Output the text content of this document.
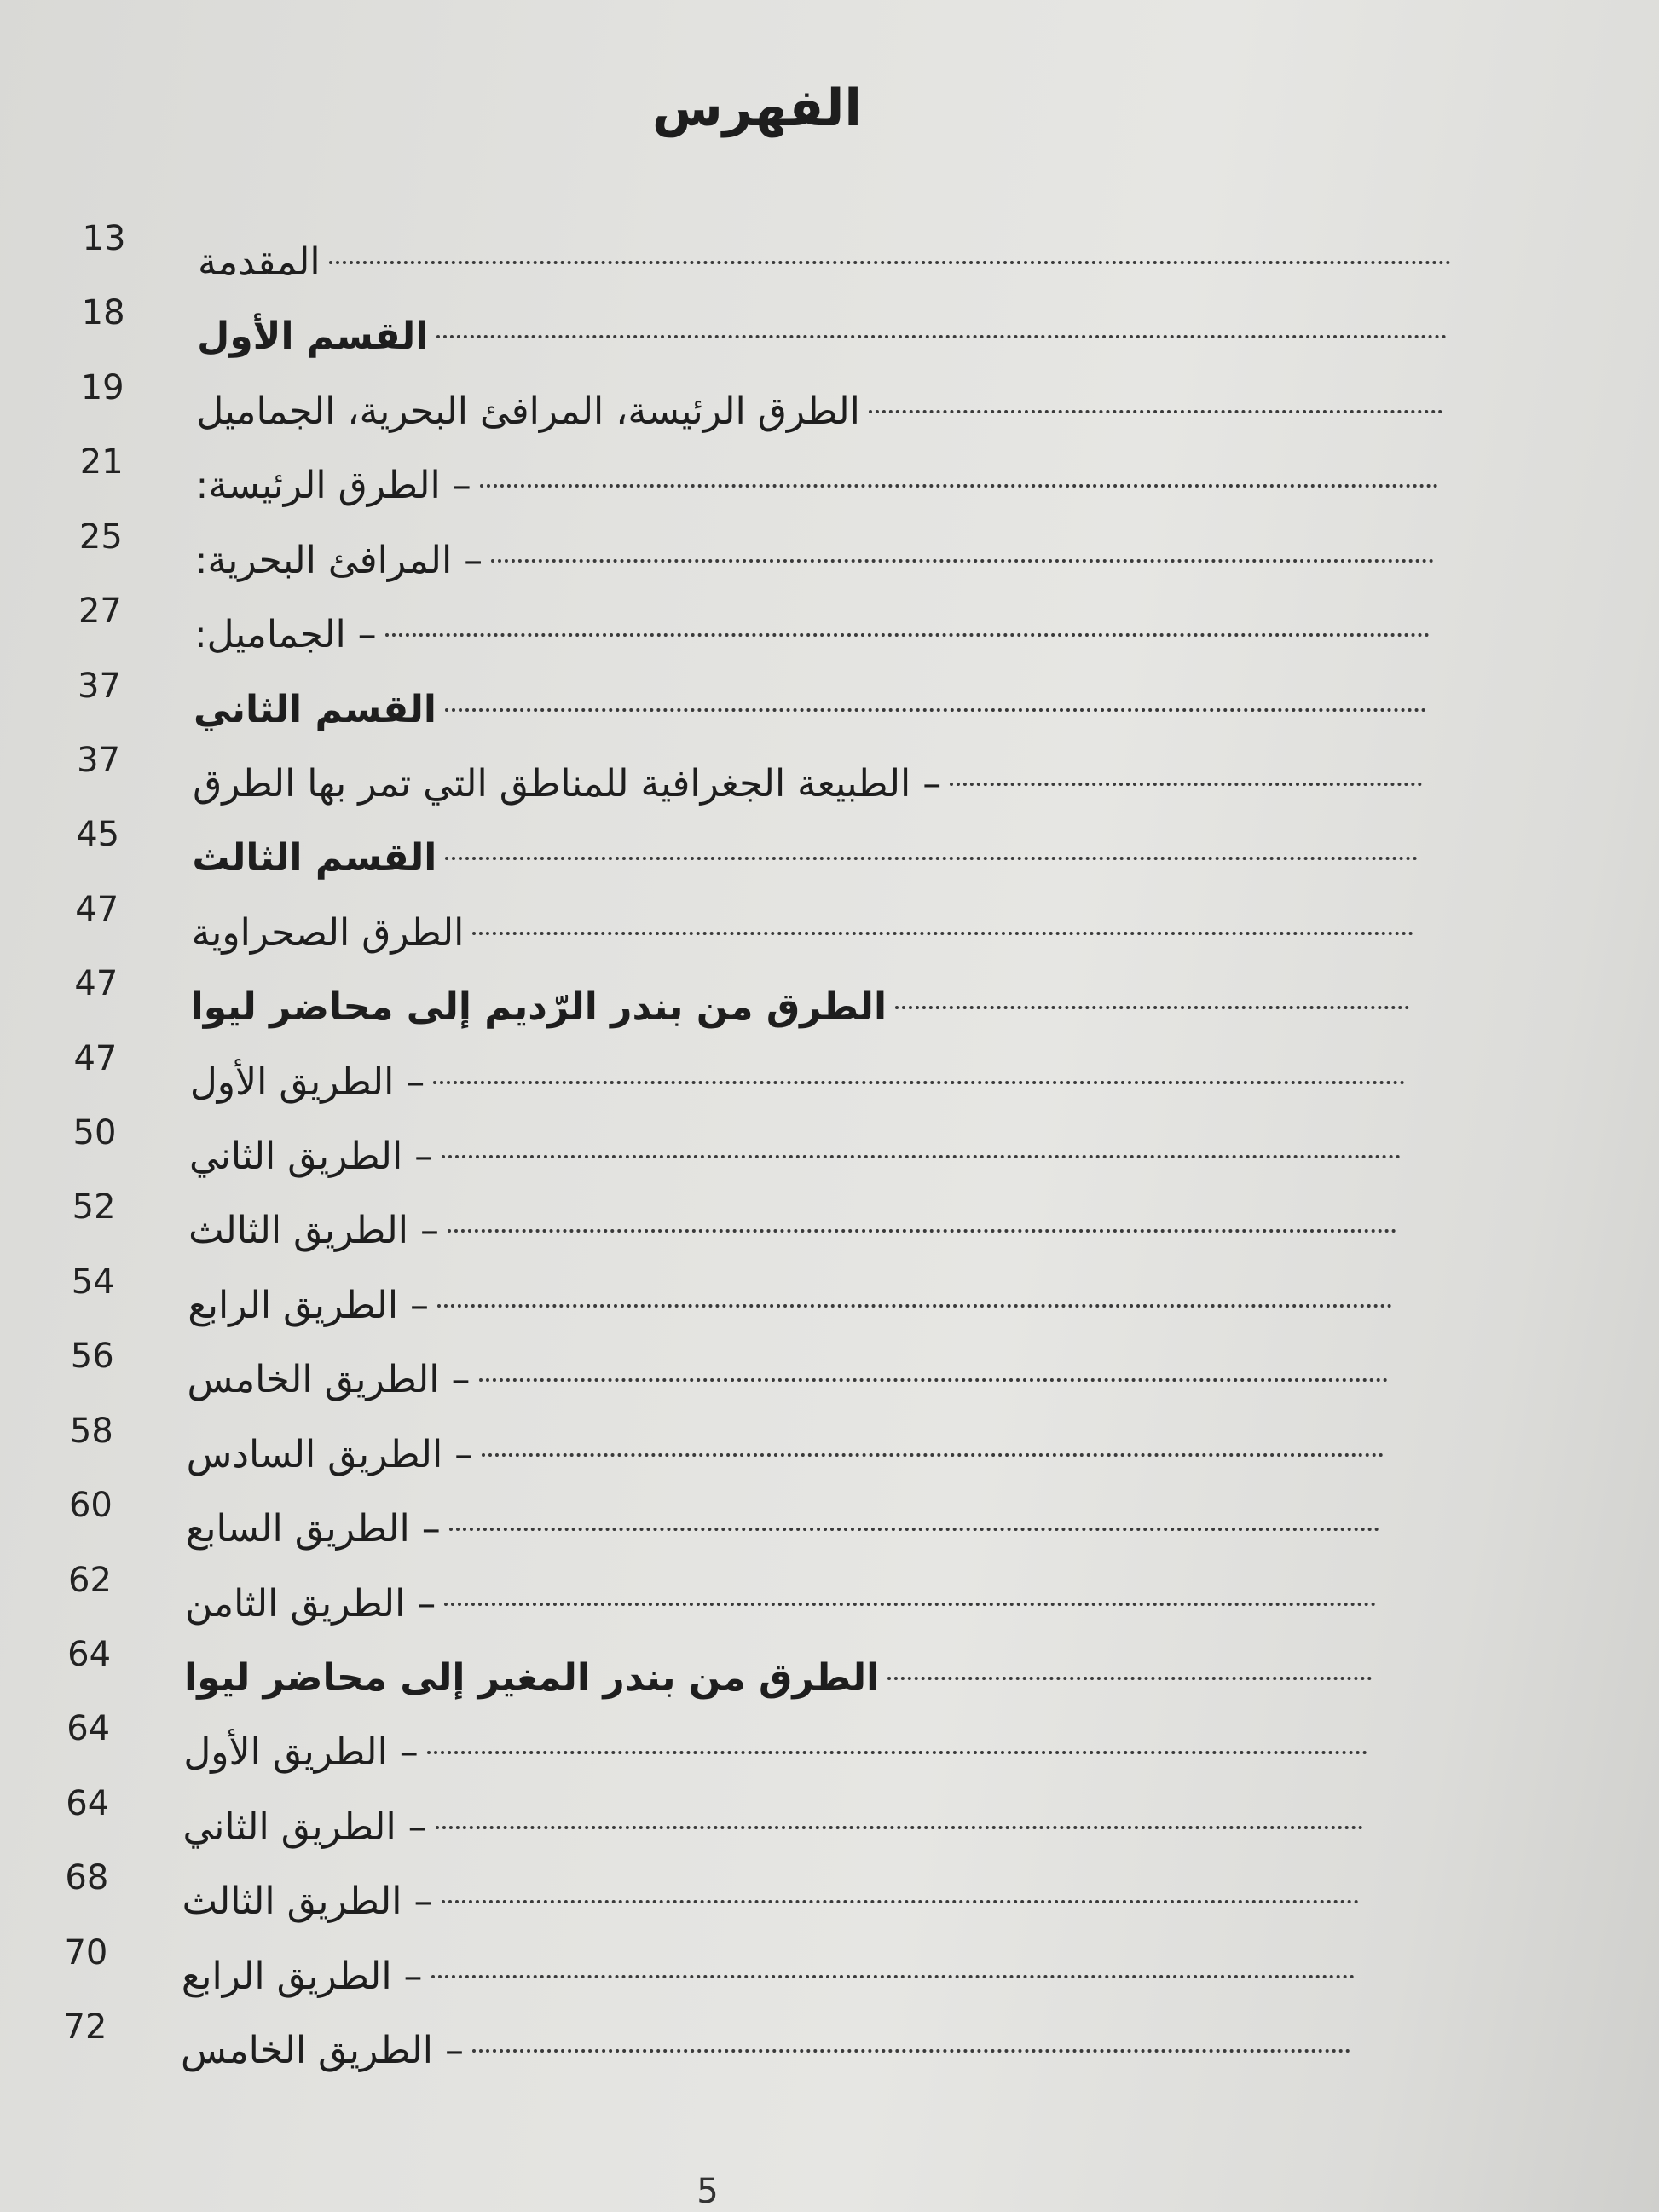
الفهرس
13
المقدمة
18
القسم الأول
19
الطرق الرئيسة، المرافئ البحرية، الجماميل
21
– الطرق الرئيسة:
25
– المرافئ البحرية:
27
– الجماميل:
37
القسم الثاني
37
– الطبيعة الجغرافية للمناطق التي تمر بها الطرق
45
القسم الثالث
47
الطرق الصحراوية
47
الطرق من بندر الرّديم إلى محاضر ليوا
47
– الطريق الأول
50
– الطريق الثاني
52
– الطريق الثالث
54
– الطريق الرابع
56
– الطريق الخامس
58
– الطريق السادس
60
– الطريق السابع
62
– الطريق الثامن
64
الطرق من بندر المغير إلى محاضر ليوا
64
– الطريق الأول
64
– الطريق الثاني
68
– الطريق الثالث
70
– الطريق الرابع
72
– الطريق الخامس
5
